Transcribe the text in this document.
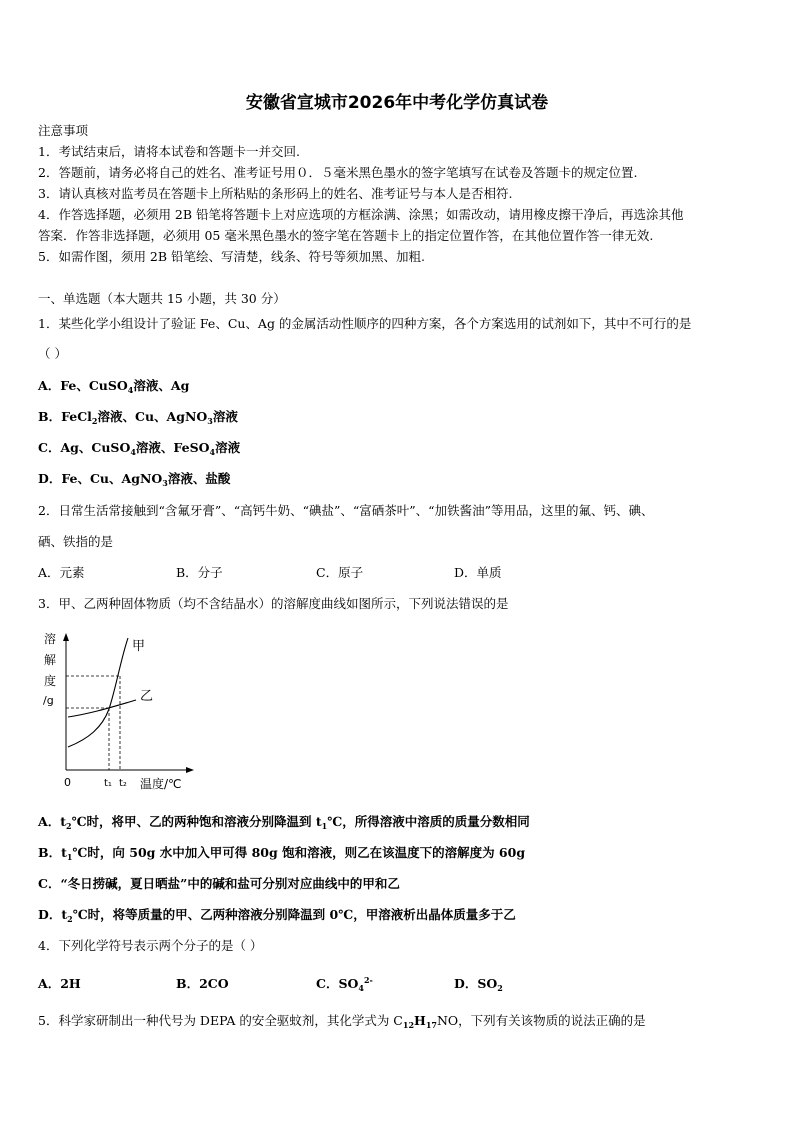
安徽省宣城市2026年中考化学仿真试卷
注意事项
1．考试结束后，请将本试卷和答题卡一并交回.
2．答题前，请务必将自己的姓名、准考证号用０．５毫米黑色墨水的签字笔填写在试卷及答题卡的规定位置.
3．请认真核对监考员在答题卡上所粘贴的条形码上的姓名、准考证号与本人是否相符.
4．作答选择题，必须用 2B 铅笔将答题卡上对应选项的方框涂满、涂黑；如需改动，请用橡皮擦干净后，再选涂其他
答案．作答非选择题，必须用 05 毫米黑色墨水的签字笔在答题卡上的指定位置作答，在其他位置作答一律无效.
5．如需作图，须用 2B 铅笔绘、写清楚，线条、符号等须加黑、加粗.
一、单选题（本大题共 15 小题，共 30 分）
1．某些化学小组设计了验证 Fe、Cu、Ag 的金属活动性顺序的四种方案，各个方案选用的试剂如下，其中不可行的是
（ ）
A．Fe、CuSO$_4$溶液、Ag
B．FeCl$_2$溶液、Cu、AgNO$_3$溶液
C．Ag、CuSO$_4$溶液、FeSO$_4$溶液
D．Fe、Cu、AgNO$_3$溶液、盐酸
2．日常生活常接触到“含氟牙膏”、“高钙牛奶、“碘盐”、“富硒茶叶”、“加铁酱油”等用品，这里的氟、钙、碘、
硒、铁指的是
A．元素	B．分子	C．原子	D．单质
3．甲、乙两种固体物质（均不含结晶水）的溶解度曲线如图所示，下列说法错误的是
溶
解
度
/g
甲
乙
0	t₁ t₂ 温度/℃
A．$t_2℃$时，将甲、乙的两种饱和溶液分别降温到 $t_1℃$，所得溶液中溶质的质量分数相同
B．$t_1℃$时，向 50g 水中加入甲可得 80g 饱和溶液，则乙在该温度下的溶解度为 60g
C．“冬日捞碱，夏日晒盐”中的碱和盐可分别对应曲线中的甲和乙
D．$t_2℃$时，将等质量的甲、乙两种溶液分别降温到 0℃，甲溶液析出晶体质量多于乙
4．下列化学符号表示两个分子的是（ ）
A．2H	B．2CO	C．$SO_4^{2-}$	D．$SO_2$
5．科学家研制出一种代号为 DEPA 的安全驱蚊剂，其化学式为 $C_{12}H_{17}NO$，下列有关该物质的说法正确的是
